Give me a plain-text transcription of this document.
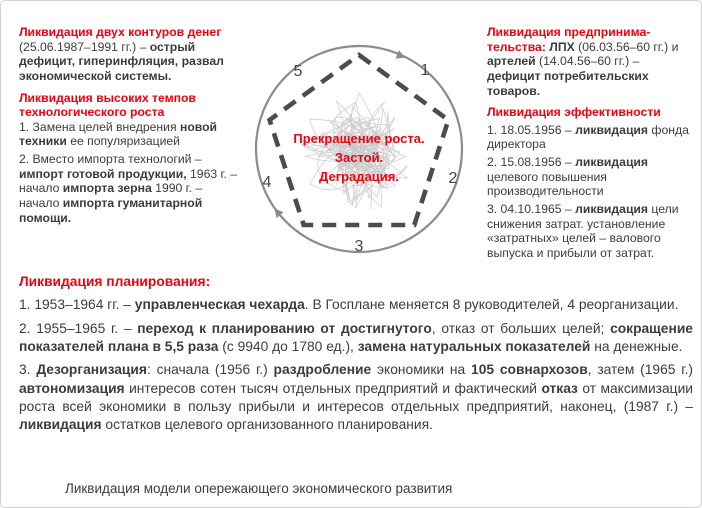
Ликвидация двух контуров денег

(25.06.1987–1991 гг.) – острый дефицит, гиперинфляция, развал экономической системы.

Ликвидация высоких темпов технологического роста

1. Замена целей внедрения новой техники ее популяризацией

2. Вместо импорта технологий – импорт готовой продукции, 1963 г. – начало импорта зерна 1990 г. – начало импорта гуманитарной помощи.

1
2
3
4
5
Прекращение роста.
Застой.
Деградация.

Ликвидация предпринимательства: ЛПХ (06.03.56–60 гг.) и артелей (14.04.56–60 гг.) – дефицит потребительских товаров.

Ликвидация эффективности

1. 18.05.1956 – ликвидация фонда директора

2. 15.08.1956 – ликвидация целевого повышения производительности

3. 04.10.1965 – ликвидация цели снижения затрат. установление «затратных» целей – валового выпуска и прибыли от затрат.

Ликвидация планирования:

1. 1953–1964 гг. – управленческая чехарда. В Госплане меняется 8 руководителей, 4 реорганизации.

2. 1955–1965 г. – переход к планированию от достигнутого, отказ от больших целей; сокращение показателей плана в 5,5 раза (с 9940 до 1780 ед.), замена натуральных показателей на денежные.

3. Дезорганизация: сначала (1956 г.) раздробление экономики на 105 совнархозов, затем (1965 г.) автономизация интересов сотен тысяч отдельных предприятий и фактический отказ от максимизации роста всей экономики в пользу прибыли и интересов отдельных предприятий, наконец, (1987 г.) – ликвидация остатков целевого организованного планирования.

Ликвидация модели опережающего экономического развития
